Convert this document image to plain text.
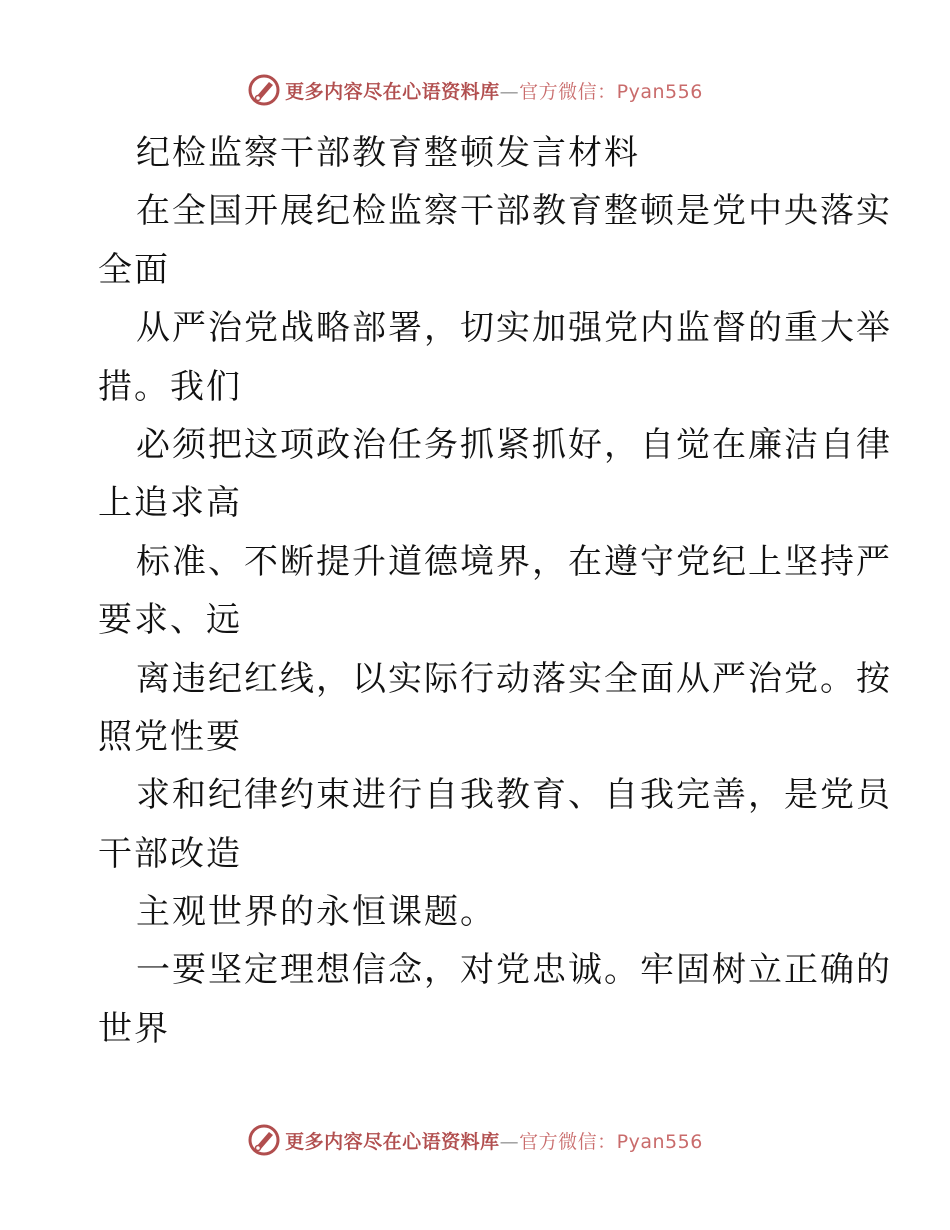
更多内容尽在心语资料库—官方微信：Pyan556
纪检监察干部教育整顿发言材料
在全国开展纪检监察干部教育整顿是党中央落实
全面
从严治党战略部署，切实加强党内监督的重大举
措。我们
必须把这项政治任务抓紧抓好，自觉在廉洁自律
上追求高
标准、不断提升道德境界，在遵守党纪上坚持严
要求、远
离违纪红线，以实际行动落实全面从严治党。按
照党性要
求和纪律约束进行自我教育、自我完善，是党员
干部改造
主观世界的永恒课题。
一要坚定理想信念，对党忠诚。牢固树立正确的
世界
更多内容尽在心语资料库—官方微信：Pyan556
